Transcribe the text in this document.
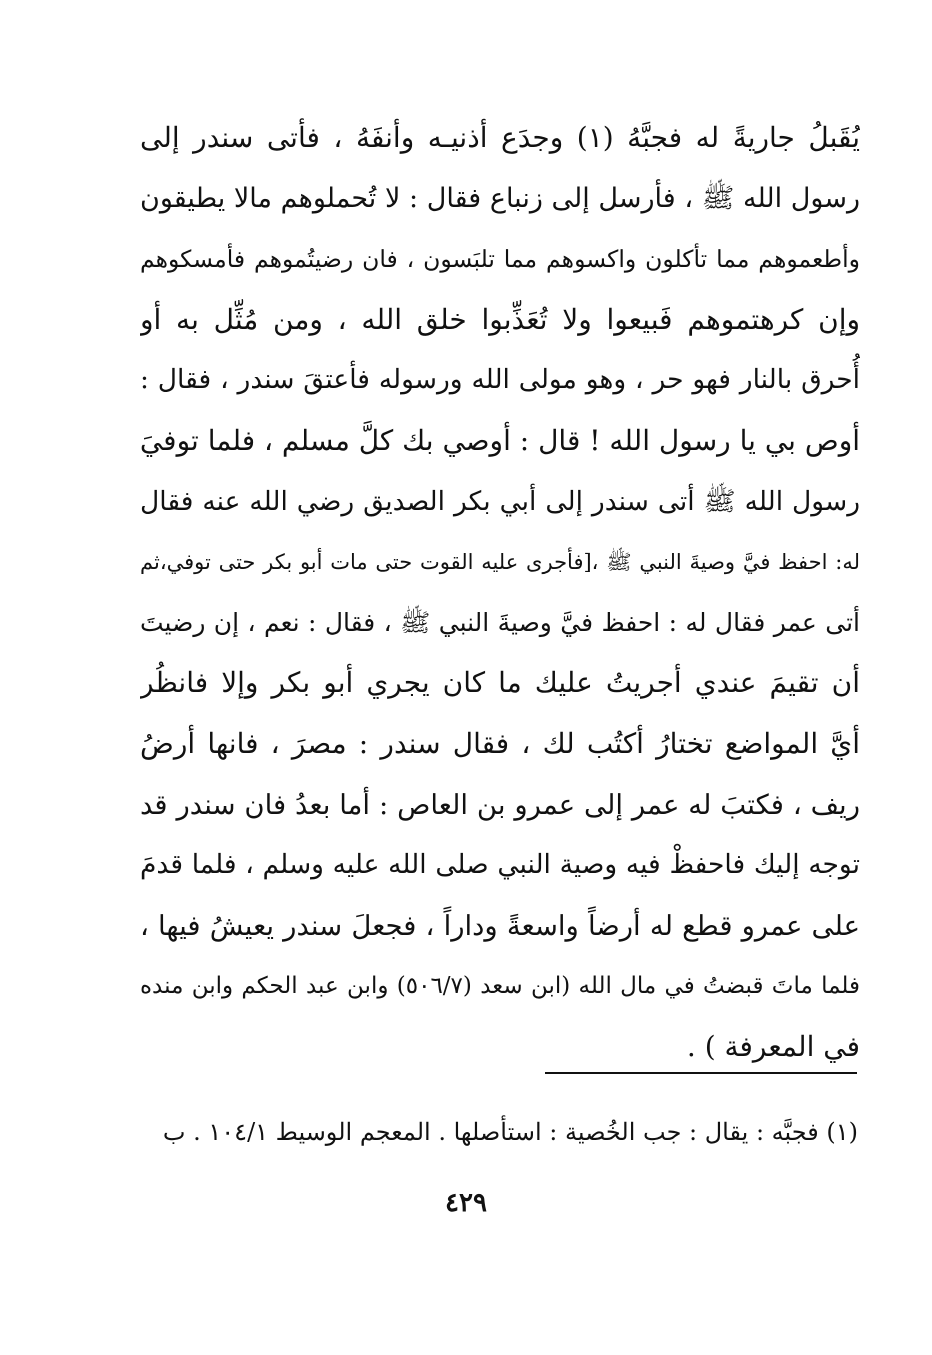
يُقَبلُ جاريةً له فجبَّهُ (١) وجدَع أذنيـه وأنفَهُ ، فأتى سندر إلى
رسول الله ﷺ ، فأرسل إلى زنباع فقال : لا تُحملوهم مالا يطيقون
وأطعموهم مما تأكلون واكسوهم مما تلبَسون ، فان رضيتُموهم فأمسكوهم
وإن كرهتموهم فَبيعوا ولا تُعَذِّبوا خلق الله ، ومن مُثِّل به أو
أُحرق بالنار فهو حر ، وهو مولى الله ورسوله فأعتقَ سندر ، فقال :
أوص بي يا رسول الله ! قال : أوصي بك كلَّ مسلم ، فلما توفيَ
رسول الله ﷺ أتى سندر إلى أبي بكر الصديق رضي الله عنه فقال
له: احفظ فيَّ وصيةَ النبي ﷺ ،[فأجرى عليه القوت حتى مات أبو بكر حتى توفي،ثم
أتى عمر فقال له : احفظ فيَّ وصيةَ النبي ﷺ ، فقال : نعم ، إن رضيتَ
أن تقيمَ عندي أجريتُ عليك ما كان يجري أبو بكر وإلا فانظُر
أيَّ المواضع تختارُ أكتُب لك ، فقال سندر : مصرَ ، فانها أرضُ
ريف ، فكتبَ له عمر إلى عمرو بن العاص : أما بعدُ فان سندر قد
توجه إليك فاحفظْ فيه وصية النبي صلى الله عليه وسلم ، فلما قدمَ
على عمرو قطع له أرضاً واسعةً وداراً ، فجعلَ سندر يعيشُ فيها ،
فلما ماتَ قبضتُ في مال الله (ابن سعد (٥٠٦/٧) وابن عبد الحكم وابن منده
في المعرفة ) .
(١) فجبَّه : يقال : جب الخُصية : استأصلها . المعجم الوسيط ١٠٤/١ . ب
٤٢٩
